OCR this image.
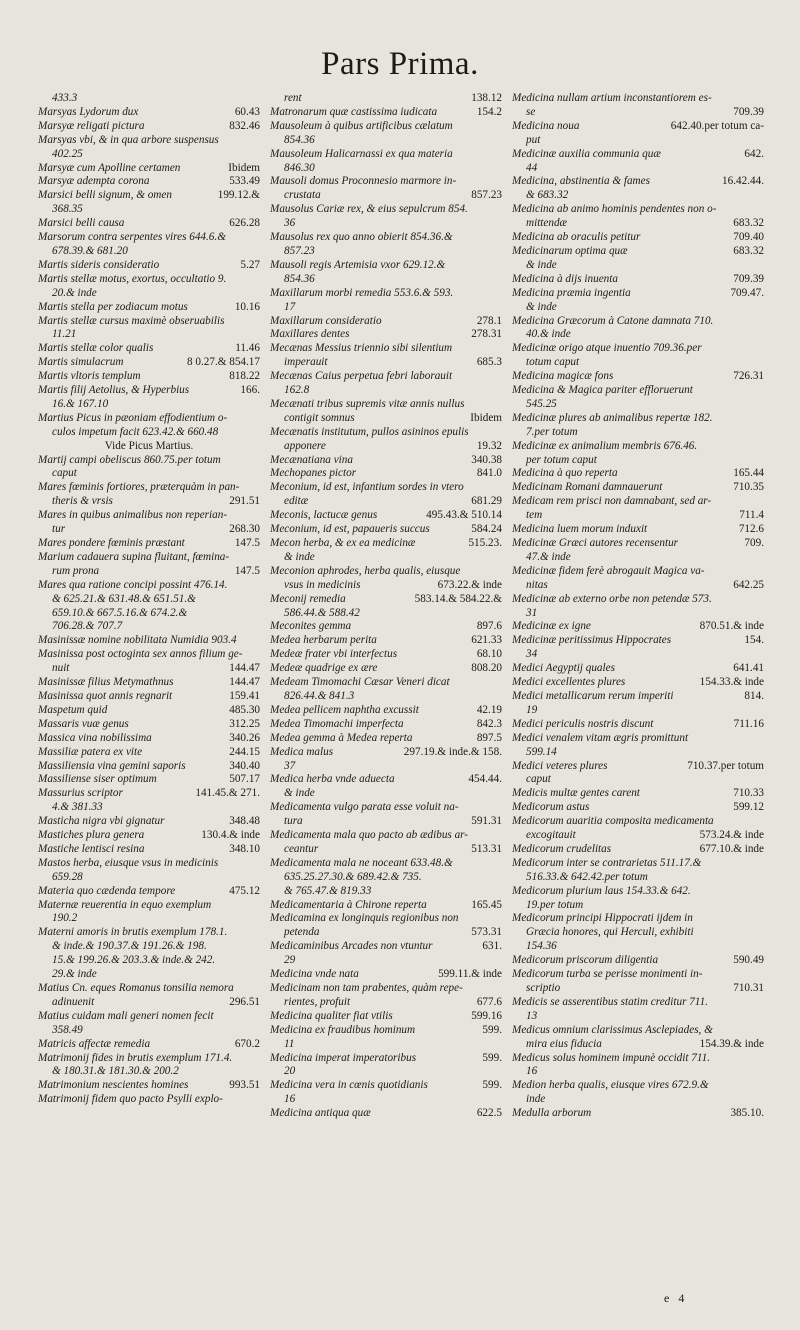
Pars Prima.
433.3
60.43
Marsyas Lydorum dux
832.46
Marsyæ religati pictura
Marsyas vbi, & in qua arbore suspensus
402.25
Ibidem
Marsyæ cum Apolline certamen
533.49
Marsyæ adempta corona
199.12.&
Marsici belli signum, & omen
368.35
626.28
Marsici belli causa
Marsorum contra serpentes vires 644.6.&
678.39.& 681.20
5.27
Martis sideris consideratio
Martis stellæ motus, exortus, occultatio 9.
20.& inde
10.16
Martis stella per zodiacum motus
Martis stellæ cursus maximè obseruabilis
11.21
11.46
Martis stellæ color qualis
8 0.27.& 854.17
Martis simulacrum
818.22
Martis vltoris templum
166.
Martis filij Aetolius, & Hyperbius
16.& 167.10
Martius Picus in pæoniam effodientium o-
culos impetum facit 623.42.& 660.48
Vide Picus Martius.
Martij campi obeliscus 860.75.per totum
caput
Mares fœminis fortiores, præterquàm in pan-
291.51
theris & vrsis
Mares in quibus animalibus non reperian-
268.30
tur
147.5
Mares pondere fœminis præstant
Marium cadauera supina fluitant, fœmina-
147.5
rum prona
Mares qua ratione concipi possint 476.14.
& 625.21.& 631.48.& 651.51.&
659.10.& 667.5.16.& 674.2.&
706.28.& 707.7
Masinissæ nomine nobilitata Numidia 903.4
Masinissa post octoginta sex annos filium ge-
144.47
nuit
144.47
Masinissæ filius Metymathnus
159.41
Masinissa quot annis regnarit
485.30
Maspetum quid
312.25
Massaris vuæ genus
340.26
Massica vina nobilissima
244.15
Massiliæ patera ex vite
340.40
Massiliensia vina gemini saporis
507.17
Massiliense siser optimum
141.45.& 271.
Massurius scriptor
4.& 381.33
348.48
Masticha nigra vbi gignatur
130.4.& inde
Mastiches plura genera
348.10
Mastiche lentisci resina
Mastos herba, eiusque vsus in medicinis
659.28
475.12
Materia quo cædenda tempore
Maternæ reuerentia in equo exemplum
190.2
Materni amoris in brutis exemplum 178.1.
& inde.& 190.37.& 191.26.& 198.
15.& 199.26.& 203.3.& inde.& 242.
29.& inde
Matius Cn. eques Romanus tonsilia nemora
296.51
adinuenit
Matius cuidam mali generi nomen fecit
358.49
670.2
Matricis affectæ remedia
Matrimonij fides in brutis exemplum 171.4.
& 180.31.& 181.30.& 200.2
993.51
Matrimonium nescientes homines
Matrimonij fidem quo pacto Psylli explo-
138.12
rent
154.2
Matronarum quæ castissima iudicata
Mausoleum à quibus artificibus cælatum
854.36
Mausoleum Halicarnassi ex qua materia
846.30
Mausoli domus Proconnesio marmore in-
857.23
crustata
Mausolus Cariæ rex, & eius sepulcrum 854.
36
Mausolus rex quo anno obierit 854.36.&
857.23
Mausoli regis Artemisia vxor 629.12.&
854.36
Maxillarum morbi remedia 553.6.& 593.
17
278.1
Maxillarum consideratio
278.31
Maxillares dentes
Mecænas Messius triennio sibi silentium
685.3
imperauit
Mecænas Caius perpetua febri laborauit
162.8
Mecænati tribus supremis vitæ annis nullus
Ibidem
contigit somnus
Mecænatis institutum, pullos asininos epulis
19.32
apponere
340.38
Mecænatiana vina
841.0
Mechopanes pictor
Meconium, id est, infantium sordes in vtero
681.29
editæ
495.43.& 510.14
Meconis, lactucæ genus
584.24
Meconium, id est, papaueris succus
515.23.
Mecon herba, & ex ea medicinæ
& inde
Meconion aphrodes, herba qualis, eiusque
673.22.& inde
vsus in medicinis
583.14.& 584.22.&
Meconij remedia
586.44.& 588.42
897.6
Meconites gemma
621.33
Medea herbarum perita
68.10
Medeæ frater vbi interfectus
808.20
Medeæ quadrige ex ære
Medeam Timomachi Cæsar Veneri dicat
826.44.& 841.3
42.19
Medea pellicem naphtha excussit
842.3
Medea Timomachi imperfecta
897.5
Medea gemma à Medea reperta
297.19.& inde.& 158.
Medica malus
37
454.44.
Medica herba vnde aduecta
& inde
Medicamenta vulgo parata esse voluit na-
591.31
tura
Medicamenta mala quo pacto ab ædibus ar-
513.31
ceantur
Medicamenta mala ne noceant 633.48.&
635.25.27.30.& 689.42.& 735.
& 765.47.& 819.33
165.45
Medicamentaria à Chirone reperta
Medicamina ex longinquis regionibus non
573.31
petenda
631.
Medicaminibus Arcades non vtuntur
29
599.11.& inde
Medicina vnde nata
Medicinam non tam prabentes, quàm repe-
677.6
rientes, profuit
599.16
Medicina qualiter fiat vtilis
599.
Medicina ex fraudibus hominum
11
599.
Medicina imperat imperatoribus
20
599.
Medicina vera in cœnis quotidianis
16
622.5
Medicina antiqua quæ
Medicina nullam artium inconstantiorem es-
709.39
se
642.40.per totum ca-
Medicina noua
put
642.
Medicinæ auxilia communia quæ
44
16.42.44.
Medicina, abstinentia & fames
& 683.32
Medicina ab animo hominis pendentes non o-
683.32
mittendæ
709.40
Medicina ab oraculis petitur
683.32
Medicinarum optima quæ
& inde
709.39
Medicina à dijs inuenta
709.47.
Medicina præmia ingentia
& inde
Medicina Græcorum à Catone damnata 710.
40.& inde
Medicinæ origo atque inuentio 709.36.per
totum caput
726.31
Medicina magicæ fons
Medicina & Magica pariter effloruerunt
545.25
Medicinæ plures ab animalibus repertæ 182.
7.per totum
Medicinæ ex animalium membris 676.46.
per totum caput
165.44
Medicina à quo reperta
710.35
Medicinam Romani damnauerunt
Medicam rem prisci non damnabant, sed ar-
711.4
tem
712.6
Medicina luem morum induxit
709.
Medicinæ Græci autores recensentur
47.& inde
Medicinæ fidem ferè abrogauit Magica va-
642.25
nitas
Medicinæ ab externo orbe non petendæ 573.
31
870.51.& inde
Medicinæ ex igne
154.
Medicinæ peritissimus Hippocrates
34
641.41
Medici Aegyptij quales
154.33.& inde
Medici excellentes plures
814.
Medici metallicarum rerum imperiti
19
711.16
Medici periculis nostris discunt
Medici venalem vitam ægris promittunt
599.14
710.37.per totum
Medici veteres plures
caput
710.33
Medicis multæ gentes carent
599.12
Medicorum astus
Medicorum auaritia composita medicamenta
573.24.& inde
excogitauit
677.10.& inde
Medicorum crudelitas
Medicorum inter se contrarietas 511.17.&
516.33.& 642.42.per totum
Medicorum plurium laus 154.33.& 642.
19.per totum
Medicorum principi Hippocrati ijdem in
Græcia honores, qui Herculi, exhibiti
154.36
590.49
Medicorum priscorum diligentia
Medicorum turba se perisse monimenti in-
710.31
scriptio
Medicis se asserentibus statim creditur 711.
13
Medicus omnium clarissimus Asclepiades, &
154.39.& inde
mira eius fiducia
Medicus solus hominem impunè occidit 711.
16
Medion herba qualis, eiusque vires 672.9.&
inde
385.10.
Medulla arborum
e 4
